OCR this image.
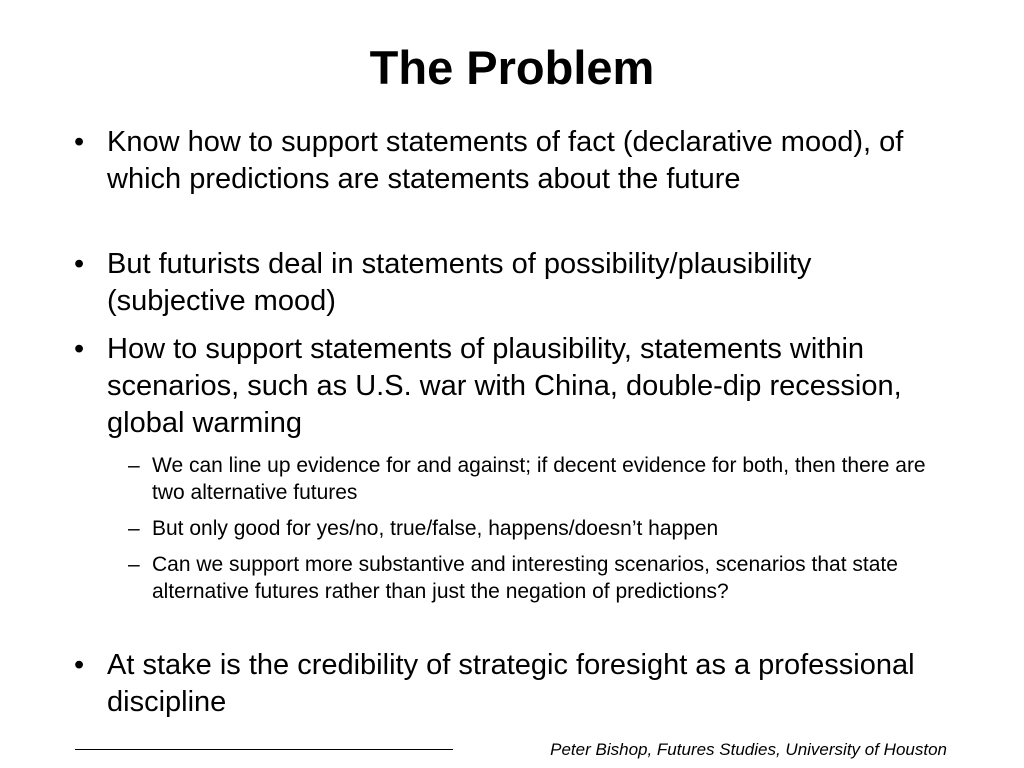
The Problem
• Know how to support statements of fact (declarative mood), of which predictions are statements about the future
• But futurists deal in statements of possibility/plausibility (subjective mood)
• How to support statements of plausibility, statements within scenarios, such as U.S. war with China, double-dip recession, global warming
– We can line up evidence for and against; if decent evidence for both, then there are two alternative futures
– But only good for yes/no, true/false, happens/doesn’t happen
– Can we support more substantive and interesting scenarios, scenarios that state alternative futures rather than just the negation of predictions?
• At stake is the credibility of strategic foresight as a professional discipline
Peter Bishop, Futures Studies, University of Houston
